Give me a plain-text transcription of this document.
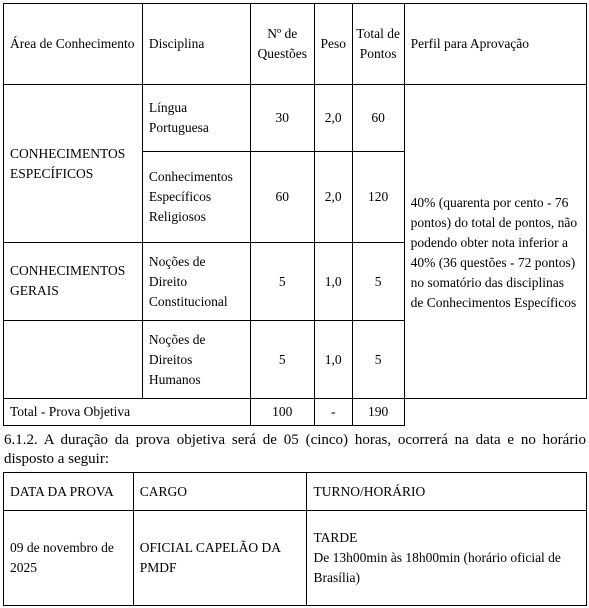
Área de Conhecimento	Disciplina	Nº de Questões	Peso	Total de Pontos	Perfil para Aprovação
CONHECIMENTOS ESPECÍFICOS	Língua Portuguesa	30	2,0	60	40% (quarenta por cento - 76 pontos) do total de pontos, não podendo obter nota inferior a 40% (36 questões - 72 pontos) no somatório das disciplinas de Conhecimentos Específicos
	Conhecimentos Específicos Religiosos	60	2,0	120	
CONHECIMENTOS GERAIS	Noções de Direito Constitucional	5	1,0	5	
	Noções de Direitos Humanos	5	1,0	5	
Total - Prova Objetiva		100	-	190	
6.1.2. A duração da prova objetiva será de 05 (cinco) horas, ocorrerá na data e no horário disposto a seguir:
DATA DA PROVA	CARGO	TURNO/HORÁRIO
09 de novembro de 2025	OFICIAL CAPELÃO DA PMDF	TARDE
De 13h00min às 18h00min (horário oficial de Brasília)
